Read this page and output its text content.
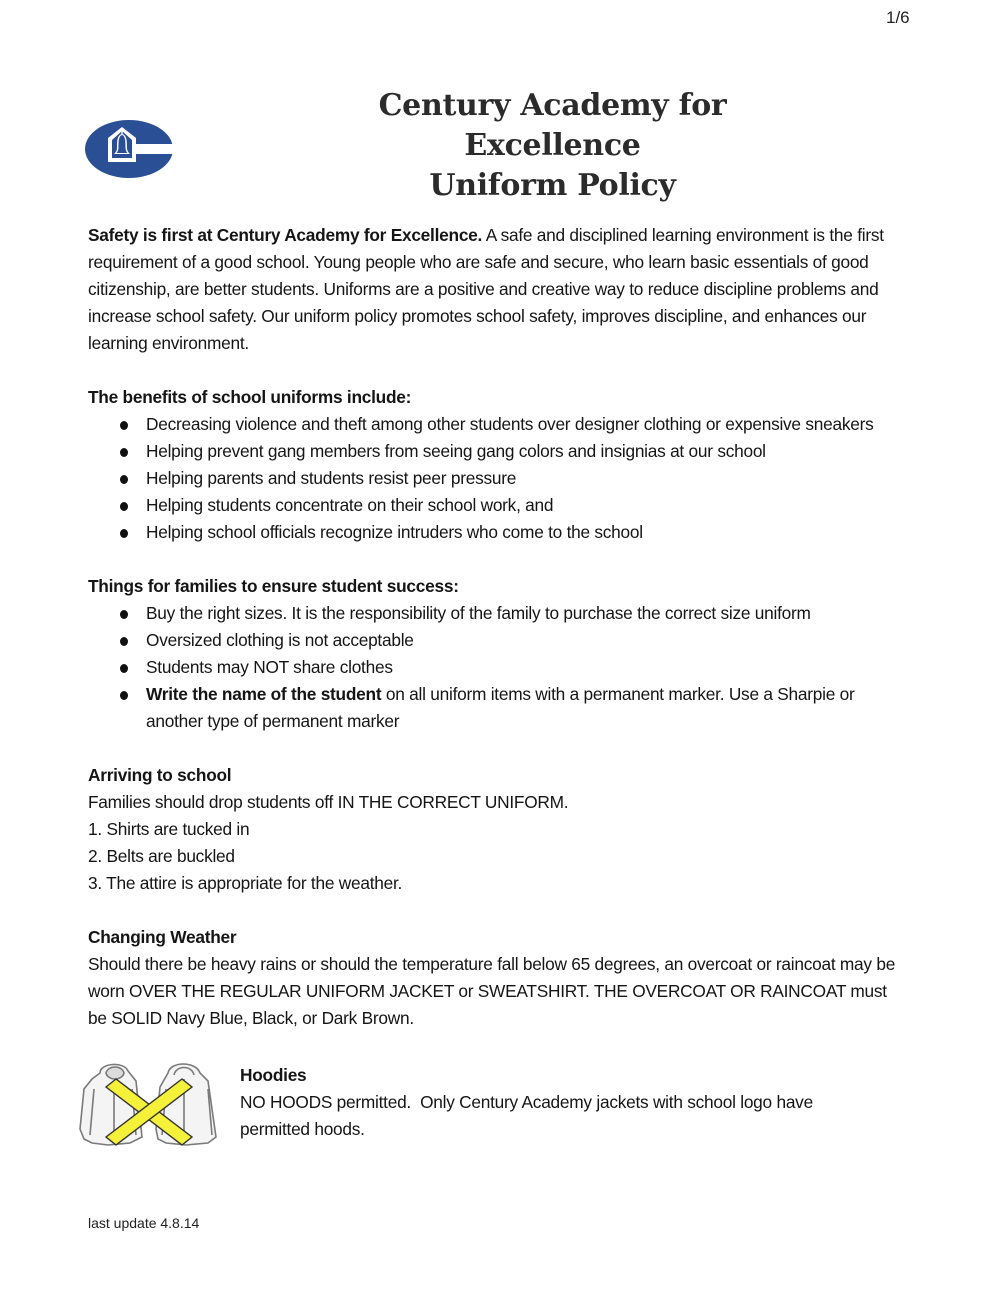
1/6
Century Academy for Excellence
Uniform Policy

Safety is first at Century Academy for Excellence. A safe and disciplined learning environment is the first requirement of a good school. Young people who are safe and secure, who learn basic essentials of good citizenship, are better students. Uniforms are a positive and creative way to reduce discipline problems and increase school safety. Our uniform policy promotes school safety, improves discipline, and enhances our learning environment.

The benefits of school uniforms include:

Decreasing violence and theft among other students over designer clothing or expensive sneakers
Helping prevent gang members from seeing gang colors and insignias at our school
Helping parents and students resist peer pressure
Helping students concentrate on their school work, and
Helping school officials recognize intruders who come to the school

Things for families to ensure student success:

Buy the right sizes. It is the responsibility of the family to purchase the correct size uniform
Oversized clothing is not acceptable
Students may NOT share clothes
Write the name of the student on all uniform items with a permanent marker. Use a Sharpie or another type of permanent marker

Arriving to school

Families should drop students off IN THE CORRECT UNIFORM.

1. Shirts are tucked in

2. Belts are buckled

3. The attire is appropriate for the weather.

Changing Weather

Should there be heavy rains or should the temperature fall below 65 degrees, an overcoat or raincoat may be worn OVER THE REGULAR UNIFORM JACKET or SWEATSHIRT. THE OVERCOAT OR RAINCOAT must be SOLID Navy Blue, Black, or Dark Brown.

Hoodies

NO HOODS permitted.  Only Century Academy jackets with school logo have permitted hoods.

last update 4.8.14
